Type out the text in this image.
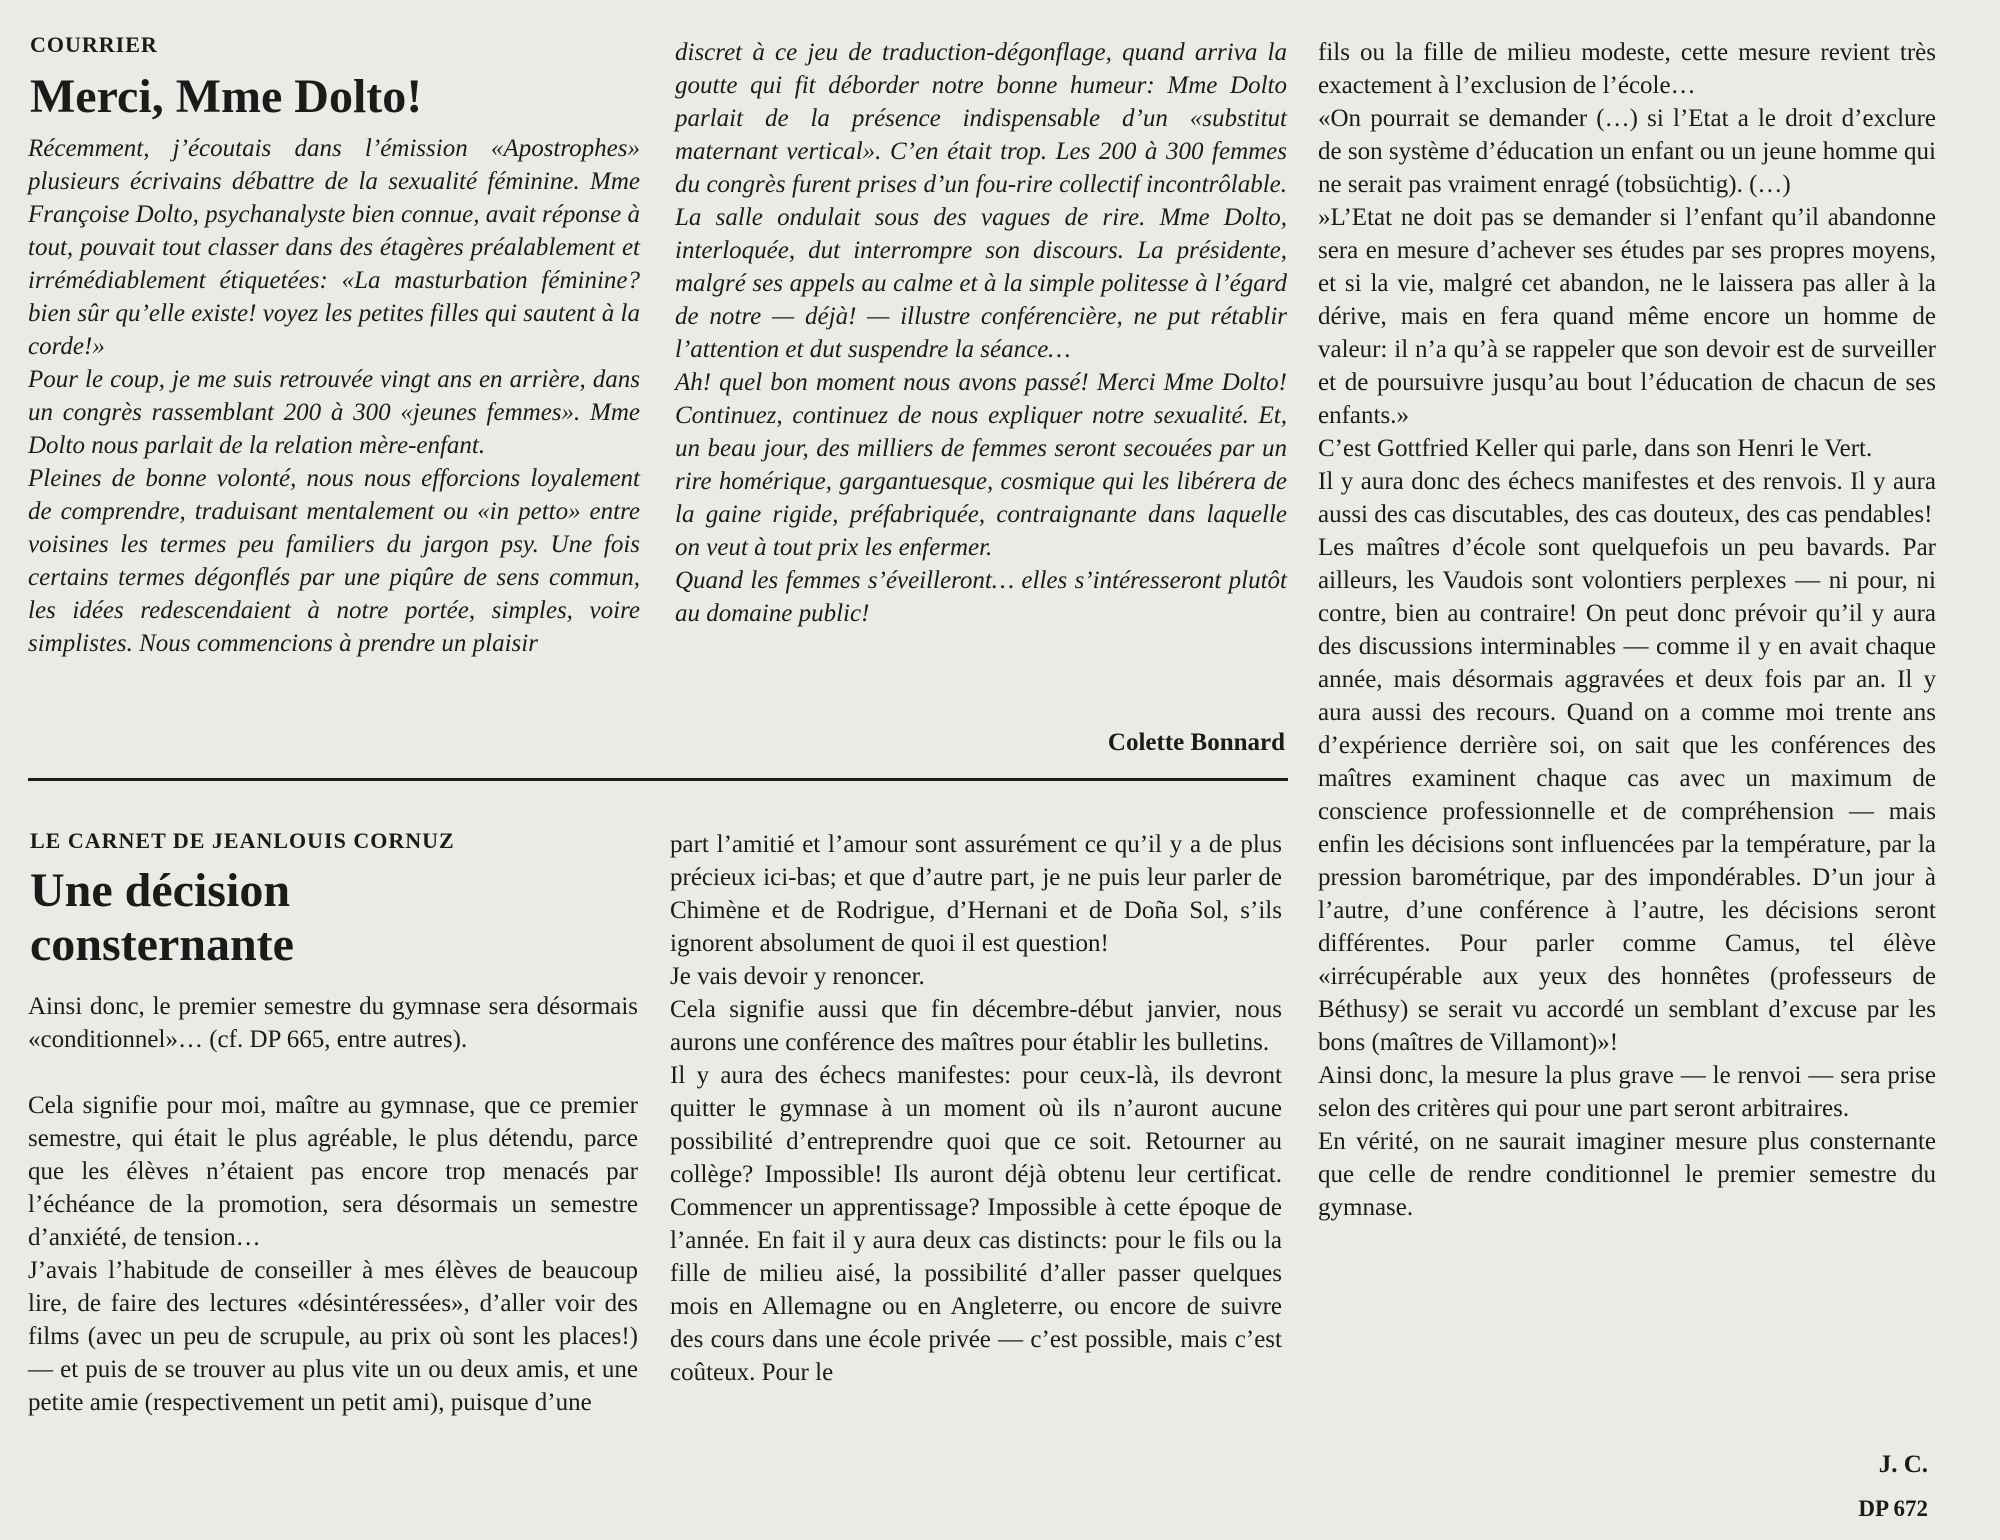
COURRIER
Merci, Mme Dolto!

Récemment, j’écoutais dans l’émission «Apostrophes» plusieurs écrivains débattre de la sexualité féminine. Mme Françoise Dolto, psychanalyste bien connue, avait réponse à tout, pouvait tout classer dans des étagères préalablement et irrémédiablement étiquetées: «La masturbation féminine? bien sûr qu’elle existe! voyez les petites filles qui sautent à la corde!»

Pour le coup, je me suis retrouvée vingt ans en arrière, dans un congrès rassemblant 200 à 300 «jeunes femmes». Mme Dolto nous parlait de la relation mère-enfant.

Pleines de bonne volonté, nous nous efforcions loyalement de comprendre, traduisant mentalement ou «in petto» entre voisines les termes peu familiers du jargon psy. Une fois certains termes dégonflés par une piqûre de sens commun, les idées redescendaient à notre portée, simples, voire simplistes. Nous commencions à prendre un plaisir

discret à ce jeu de traduction-dégonflage, quand arriva la goutte qui fit déborder notre bonne humeur: Mme Dolto parlait de la présence indispensable d’un «substitut maternant vertical». C’en était trop. Les 200 à 300 femmes du congrès furent prises d’un fou-rire collectif incontrôlable. La salle ondulait sous des vagues de rire. Mme Dolto, interloquée, dut interrompre son discours. La présidente, malgré ses appels au calme et à la simple politesse à l’égard de notre — déjà! — illustre conférencière, ne put rétablir l’attention et dut suspendre la séance…

Ah! quel bon moment nous avons passé! Merci Mme Dolto! Continuez, continuez de nous expliquer notre sexualité. Et, un beau jour, des milliers de femmes seront secouées par un rire homérique, gargantuesque, cosmique qui les libérera de la gaine rigide, préfabriquée, contraignante dans laquelle on veut à tout prix les enfermer.

Quand les femmes s’éveilleront… elles s’intéresseront plutôt au domaine public!

Colette Bonnard
LE CARNET DE JEANLOUIS CORNUZ
Une décision
consternante

Ainsi donc, le premier semestre du gymnase sera désormais «conditionnel»… (cf. DP 665, entre autres).

Cela signifie pour moi, maître au gymnase, que ce premier semestre, qui était le plus agréable, le plus détendu, parce que les élèves n’étaient pas encore trop menacés par l’échéance de la promotion, sera désormais un semestre d’anxiété, de tension…

J’avais l’habitude de conseiller à mes élèves de beaucoup lire, de faire des lectures «désintéressées», d’aller voir des films (avec un peu de scrupule, au prix où sont les places!) — et puis de se trouver au plus vite un ou deux amis, et une petite amie (respectivement un petit ami), puisque d’une

part l’amitié et l’amour sont assurément ce qu’il y a de plus précieux ici-bas; et que d’autre part, je ne puis leur parler de Chimène et de Rodrigue, d’Hernani et de Doña Sol, s’ils ignorent absolument de quoi il est question!

Je vais devoir y renoncer.

Cela signifie aussi que fin décembre-début janvier, nous aurons une conférence des maîtres pour établir les bulletins.

Il y aura des échecs manifestes: pour ceux-là, ils devront quitter le gymnase à un moment où ils n’auront aucune possibilité d’entreprendre quoi que ce soit. Retourner au collège? Impossible! Ils auront déjà obtenu leur certificat. Commencer un apprentissage? Impossible à cette époque de l’année. En fait il y aura deux cas distincts: pour le fils ou la fille de milieu aisé, la possibilité d’aller passer quelques mois en Allemagne ou en Angleterre, ou encore de suivre des cours dans une école privée — c’est possible, mais c’est coûteux. Pour le

fils ou la fille de milieu modeste, cette mesure revient très exactement à l’exclusion de l’école…

«On pourrait se demander (…) si l’Etat a le droit d’exclure de son système d’éducation un enfant ou un jeune homme qui ne serait pas vraiment enragé (tobsüchtig). (…)

»L’Etat ne doit pas se demander si l’enfant qu’il abandonne sera en mesure d’achever ses études par ses propres moyens, et si la vie, malgré cet abandon, ne le laissera pas aller à la dérive, mais en fera quand même encore un homme de valeur: il n’a qu’à se rappeler que son devoir est de surveiller et de poursuivre jusqu’au bout l’éducation de chacun de ses enfants.»

C’est Gottfried Keller qui parle, dans son Henri le Vert.

Il y aura donc des échecs manifestes et des renvois. Il y aura aussi des cas discutables, des cas douteux, des cas pendables!

Les maîtres d’école sont quelquefois un peu bavards. Par ailleurs, les Vaudois sont volontiers perplexes — ni pour, ni contre, bien au contraire! On peut donc prévoir qu’il y aura des discussions interminables — comme il y en avait chaque année, mais désormais aggravées et deux fois par an. Il y aura aussi des recours. Quand on a comme moi trente ans d’expérience derrière soi, on sait que les conférences des maîtres examinent chaque cas avec un maximum de conscience professionnelle et de compréhension — mais enfin les décisions sont influencées par la température, par la pression barométrique, par des impondérables. D’un jour à l’autre, d’une conférence à l’autre, les décisions seront différentes. Pour parler comme Camus, tel élève «irrécupérable aux yeux des honnêtes (professeurs de Béthusy) se serait vu accordé un semblant d’excuse par les bons (maîtres de Villamont)»!

Ainsi donc, la mesure la plus grave — le renvoi — sera prise selon des critères qui pour une part seront arbitraires.

En vérité, on ne saurait imaginer mesure plus consternante que celle de rendre conditionnel le premier semestre du gymnase.

J. C.
DP 672
